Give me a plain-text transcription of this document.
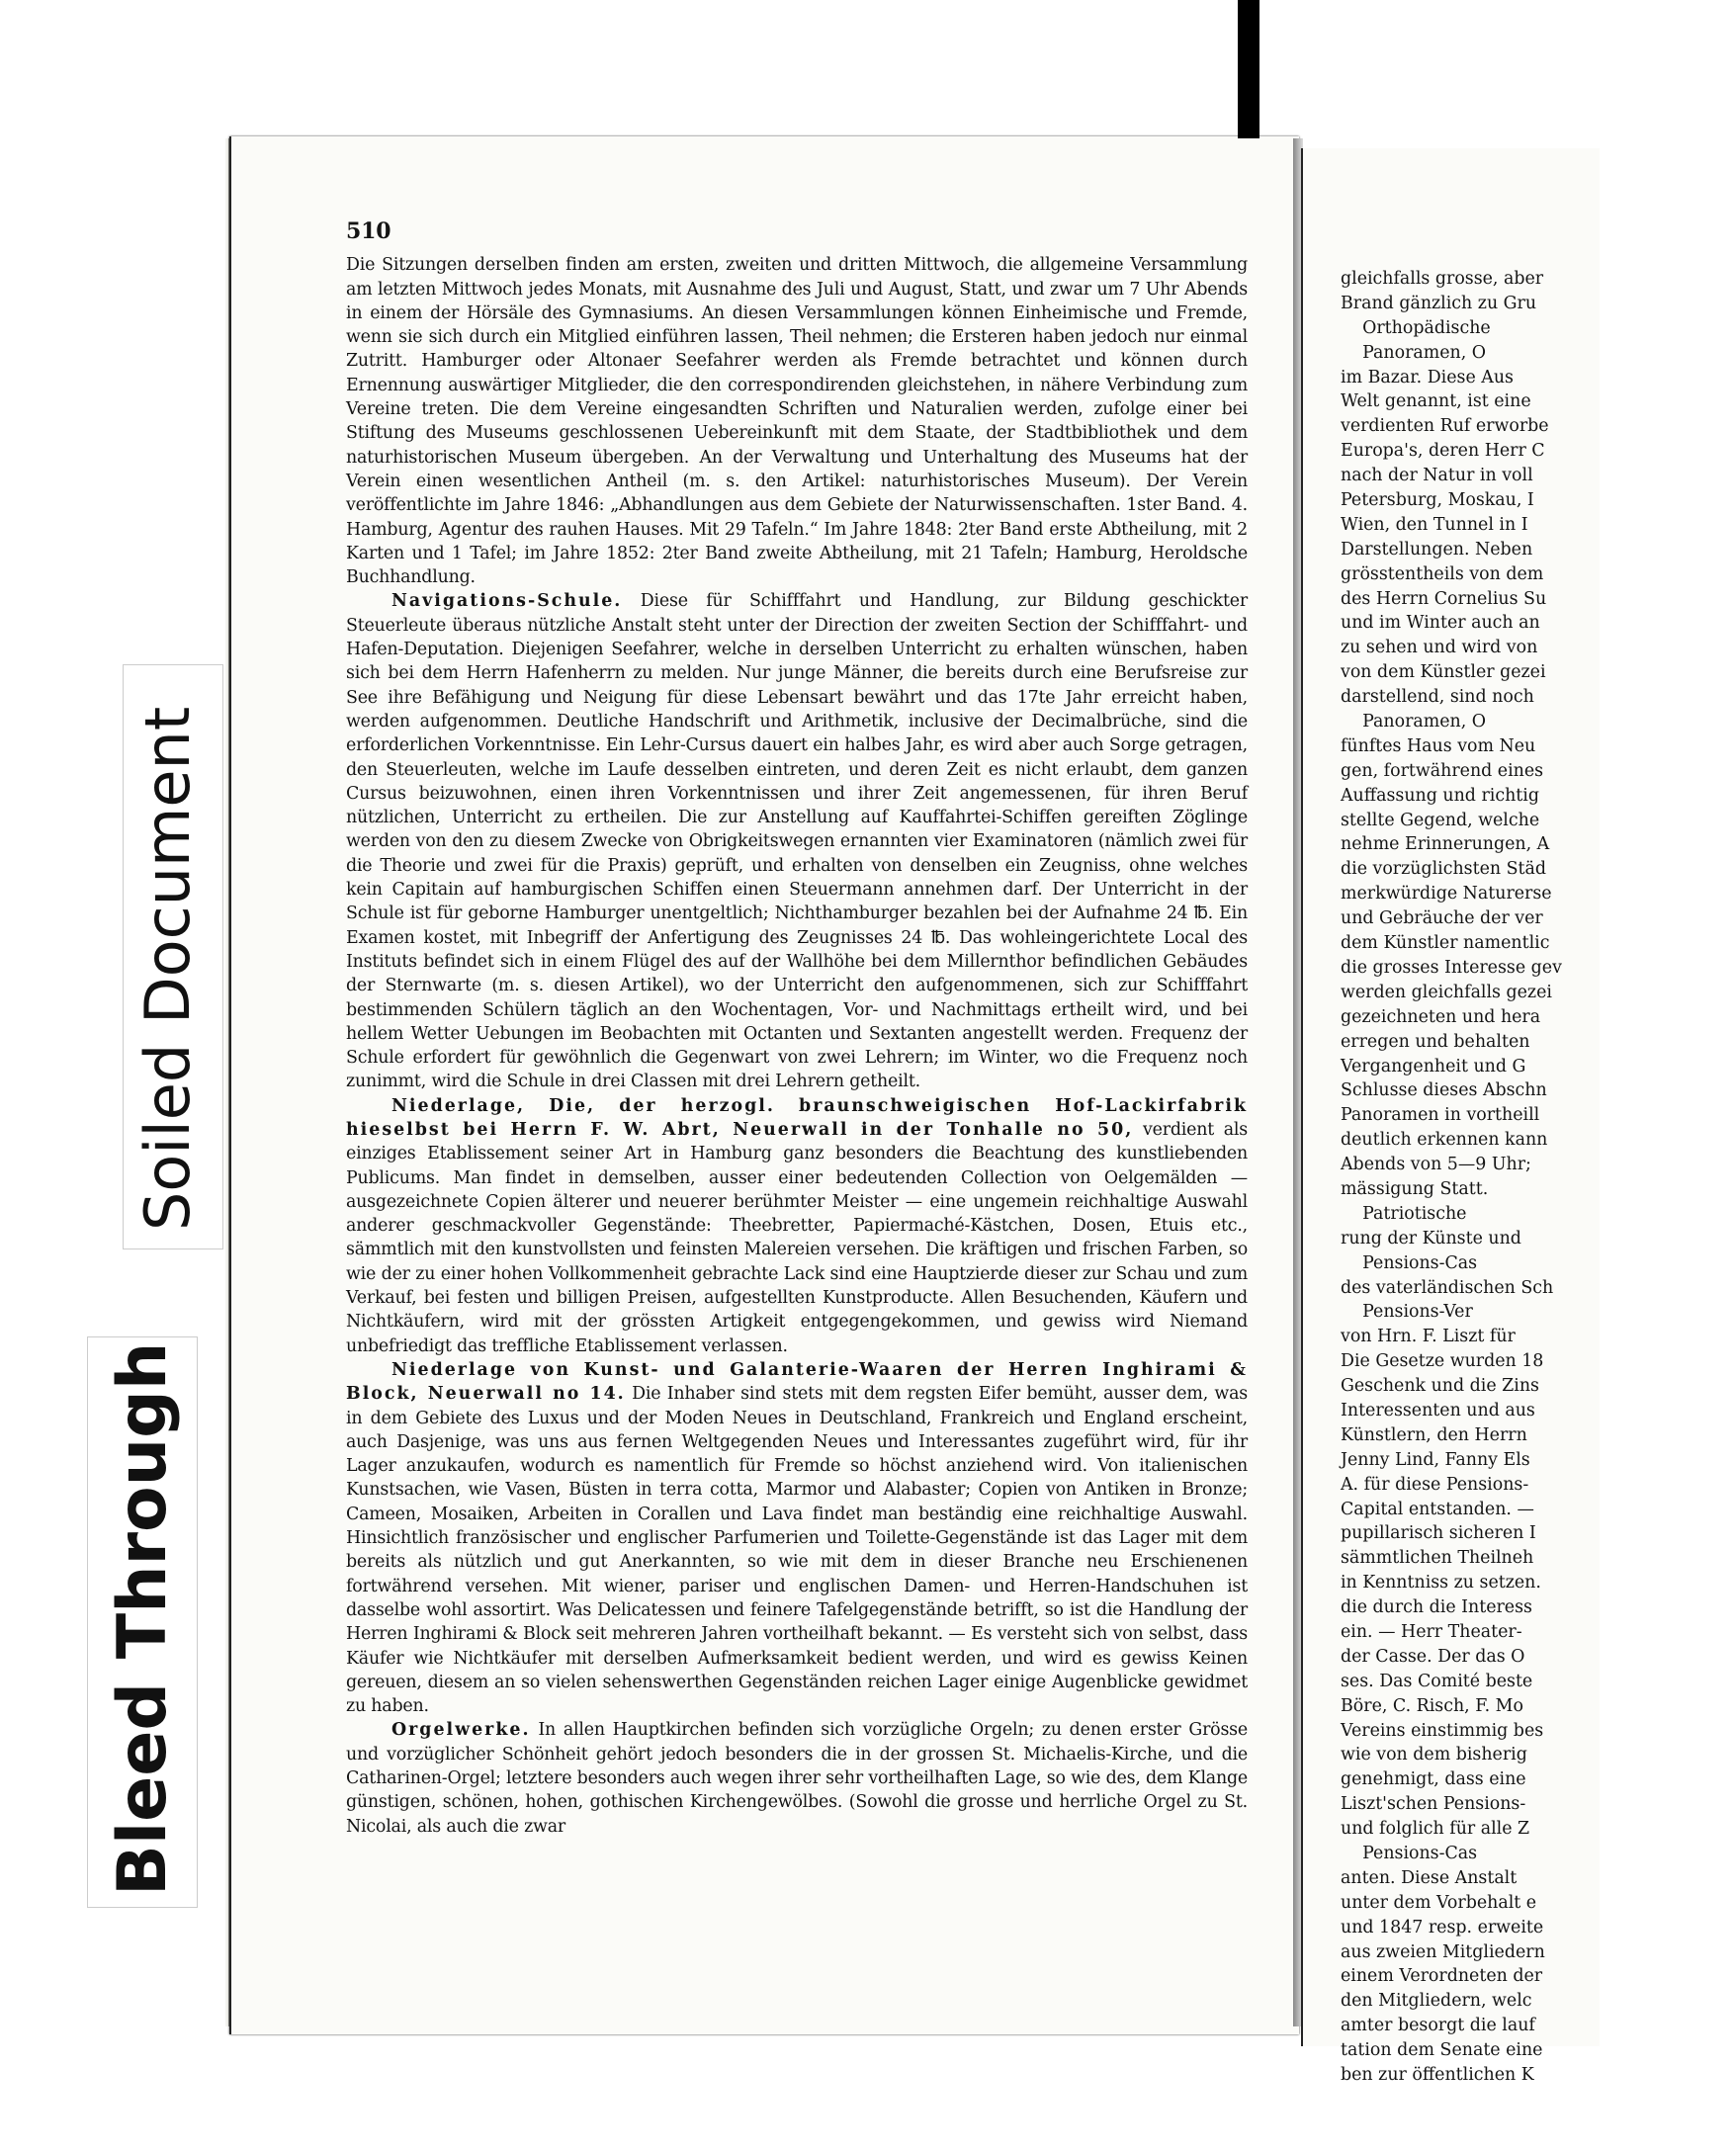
510

Die Sitzungen derselben finden am ersten, zweiten und dritten Mittwoch, die allgemeine Versammlung am letzten Mittwoch jedes Monats, mit Ausnahme des Juli und August, Statt, und zwar um 7 Uhr Abends in einem der Hörsäle des Gymnasiums. An diesen Versammlungen können Einheimische und Fremde, wenn sie sich durch ein Mitglied einführen lassen, Theil nehmen; die Ersteren haben jedoch nur einmal Zutritt. Hamburger oder Altonaer Seefahrer werden als Fremde betrachtet und können durch Ernennung auswärtiger Mitglieder, die den correspondirenden gleichstehen, in nähere Verbindung zum Vereine treten. Die dem Vereine eingesandten Schriften und Naturalien werden, zufolge einer bei Stiftung des Museums geschlossenen Uebereinkunft mit dem Staate, der Stadtbibliothek und dem naturhistorischen Museum übergeben. An der Verwaltung und Unterhaltung des Museums hat der Verein einen wesentlichen Antheil (m. s. den Artikel: naturhistorisches Museum). Der Verein veröffentlichte im Jahre 1846: „Abhandlungen aus dem Gebiete der Naturwissenschaften. 1ster Band. 4. Hamburg, Agentur des rauhen Hauses. Mit 29 Tafeln.“ Im Jahre 1848: 2ter Band erste Abtheilung, mit 2 Karten und 1 Tafel; im Jahre 1852: 2ter Band zweite Abtheilung, mit 21 Tafeln; Hamburg, Heroldsche Buchhandlung.

Navigations-Schule. Diese für Schifffahrt und Handlung, zur Bildung geschickter Steuerleute überaus nützliche Anstalt steht unter der Direction der zweiten Section der Schifffahrt- und Hafen-Deputation. Diejenigen Seefahrer, welche in derselben Unterricht zu erhalten wünschen, haben sich bei dem Herrn Hafenherrn zu melden. Nur junge Männer, die bereits durch eine Berufsreise zur See ihre Befähigung und Neigung für diese Lebensart bewährt und das 17te Jahr erreicht haben, werden aufgenommen. Deutliche Handschrift und Arithmetik, inclusive der Decimalbrüche, sind die erforderlichen Vorkenntnisse. Ein Lehr-Cursus dauert ein halbes Jahr, es wird aber auch Sorge getragen, den Steuerleuten, welche im Laufe desselben eintreten, und deren Zeit es nicht erlaubt, dem ganzen Cursus beizuwohnen, einen ihren Vorkenntnissen und ihrer Zeit angemessenen, für ihren Beruf nützlichen, Unterricht zu ertheilen. Die zur Anstellung auf Kauffahrtei-Schiffen gereiften Zöglinge werden von den zu diesem Zwecke von Obrigkeitswegen ernannten vier Examinatoren (nämlich zwei für die Theorie und zwei für die Praxis) geprüft, und erhalten von denselben ein Zeugniss, ohne welches kein Capitain auf hamburgischen Schiffen einen Steuermann annehmen darf. Der Unterricht in der Schule ist für geborne Hamburger unentgeltlich; Nichthamburger bezahlen bei der Aufnahme 24 ℔. Ein Examen kostet, mit Inbegriff der Anfertigung des Zeugnisses 24 ℔. Das wohleingerichtete Local des Instituts befindet sich in einem Flügel des auf der Wallhöhe bei dem Millernthor befindlichen Gebäudes der Sternwarte (m. s. diesen Artikel), wo der Unterricht den aufgenommenen, sich zur Schifffahrt bestimmenden Schülern täglich an den Wochentagen, Vor- und Nachmittags ertheilt wird, und bei hellem Wetter Uebungen im Beobachten mit Octanten und Sextanten angestellt werden. Frequenz der Schule erfordert für gewöhnlich die Gegenwart von zwei Lehrern; im Winter, wo die Frequenz noch zunimmt, wird die Schule in drei Classen mit drei Lehrern getheilt.

Niederlage, Die, der herzogl. braunschweigischen Hof-Lackirfabrik hieselbst bei Herrn F. W. Abrt, Neuerwall in der Tonhalle no 50, verdient als einziges Etablissement seiner Art in Hamburg ganz besonders die Beachtung des kunstliebenden Publicums. Man findet in demselben, ausser einer bedeutenden Collection von Oelgemälden — ausgezeichnete Copien älterer und neuerer berühmter Meister — eine ungemein reichhaltige Auswahl anderer geschmackvoller Gegenstände: Theebretter, Papiermaché-Kästchen, Dosen, Etuis etc., sämmtlich mit den kunstvollsten und feinsten Malereien versehen. Die kräftigen und frischen Farben, so wie der zu einer hohen Vollkommenheit gebrachte Lack sind eine Hauptzierde dieser zur Schau und zum Verkauf, bei festen und billigen Preisen, aufgestellten Kunstproducte. Allen Besuchenden, Käufern und Nichtkäufern, wird mit der grössten Artigkeit entgegengekommen, und gewiss wird Niemand unbefriedigt das treffliche Etablissement verlassen.

Niederlage von Kunst- und Galanterie-Waaren der Herren Inghirami & Block, Neuerwall no 14. Die Inhaber sind stets mit dem regsten Eifer bemüht, ausser dem, was in dem Gebiete des Luxus und der Moden Neues in Deutschland, Frankreich und England erscheint, auch Dasjenige, was uns aus fernen Weltgegenden Neues und Interessantes zugeführt wird, für ihr Lager anzukaufen, wodurch es namentlich für Fremde so höchst anziehend wird. Von italienischen Kunstsachen, wie Vasen, Büsten in terra cotta, Marmor und Alabaster; Copien von Antiken in Bronze; Cameen, Mosaiken, Arbeiten in Corallen und Lava findet man beständig eine reichhaltige Auswahl. Hinsichtlich französischer und englischer Parfumerien und Toilette-Gegenstände ist das Lager mit dem bereits als nützlich und gut Anerkannten, so wie mit dem in dieser Branche neu Erschienenen fortwährend versehen. Mit wiener, pariser und englischen Damen- und Herren-Handschuhen ist dasselbe wohl assortirt. Was Delicatessen und feinere Tafelgegenstände betrifft, so ist die Handlung der Herren Inghirami & Block seit mehreren Jahren vortheilhaft bekannt. — Es versteht sich von selbst, dass Käufer wie Nichtkäufer mit derselben Aufmerksamkeit bedient werden, und wird es gewiss Keinen gereuen, diesem an so vielen sehenswerthen Gegenständen reichen Lager einige Augenblicke gewidmet zu haben.

Orgelwerke. In allen Hauptkirchen befinden sich vorzügliche Orgeln; zu denen erster Grösse und vorzüglicher Schönheit gehört jedoch besonders die in der grossen St. Michaelis-Kirche, und die Catharinen-Orgel; letztere besonders auch wegen ihrer sehr vortheilhaften Lage, so wie des, dem Klange günstigen, schönen, hohen, gothischen Kirchengewölbes. (Sowohl die grosse und herrliche Orgel zu St. Nicolai, als auch die zwar

gleichfalls grosse, aber
Brand gänzlich zu Gru
Orthopädische
Panoramen, O
im Bazar. Diese Aus
Welt genannt, ist eine
verdienten Ruf erworbe
Europa's, deren Herr C
nach der Natur in voll
Petersburg, Moskau, I
Wien, den Tunnel in I
Darstellungen. Neben
grösstentheils von dem
des Herrn Cornelius Su
und im Winter auch an
zu sehen und wird von
von dem Künstler gezei
darstellend, sind noch
Panoramen, O
fünftes Haus vom Neu
gen, fortwährend eines
Auffassung und richtig
stellte Gegend, welche
nehme Erinnerungen, A
die vorzüglichsten Städ
merkwürdige Naturerse
und Gebräuche der ver
dem Künstler namentlic
die grosses Interesse gev
werden gleichfalls gezei
gezeichneten und hera
erregen und behalten
Vergangenheit und G
Schlusse dieses Abschn
Panoramen in vortheill
deutlich erkennen kann
Abends von 5—9 Uhr;
mässigung Statt.
Patriotische
rung der Künste und
Pensions-Cas
des vaterländischen Sch
Pensions-Ver
von Hrn. F. Liszt für
Die Gesetze wurden 18
Geschenk und die Zins
Interessenten und aus
Künstlern, den Herrn
Jenny Lind, Fanny Els
A. für diese Pensions-
Capital entstanden. —
pupillarisch sicheren I
sämmtlichen Theilneh
in Kenntniss zu setzen.
die durch die Interess
ein. — Herr Theater-
der Casse. Der das O
ses. Das Comité beste
Böre, C. Risch, F. Mo
Vereins einstimmig bes
wie von dem bisherig
genehmigt, dass eine
Liszt'schen Pensions-
und folglich für alle Z
Pensions-Cas
anten. Diese Anstalt
unter dem Vorbehalt e
und 1847 resp. erweite
aus zweien Mitgliedern
einem Verordneten der
den Mitgliedern, welc
amter besorgt die lauf
tation dem Senate eine
ben zur öffentlichen K
Soiled Document
Bleed Through
